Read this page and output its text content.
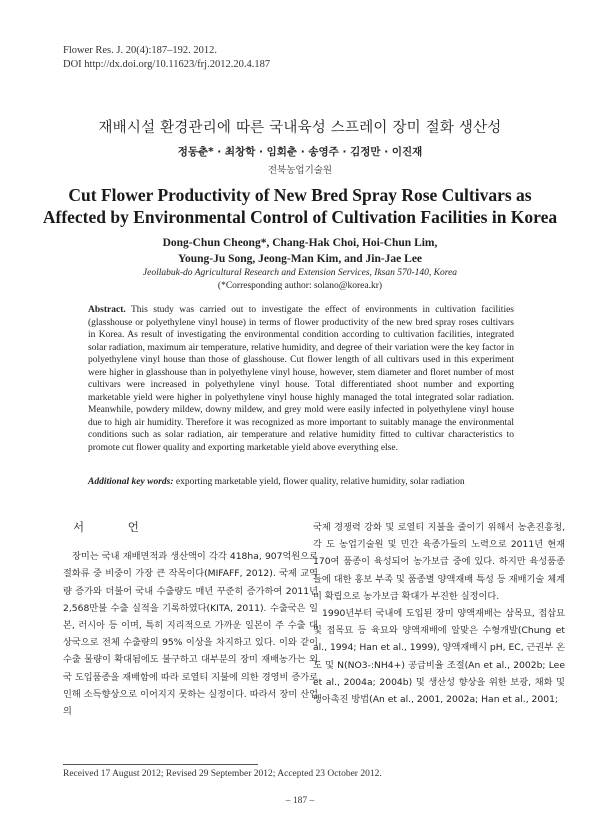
Flower Res. J. 20(4):187–192. 2012.
DOI http://dx.doi.org/10.11623/frj.2012.20.4.187
재배시설 환경관리에 따른 국내육성 스프레이 장미 절화 생산성
정동춘* · 최창학 · 임회춘 · 송영주 · 김정만 · 이진재
전북농업기술원
Cut Flower Productivity of New Bred Spray Rose Cultivars as Affected by Environmental Control of Cultivation Facilities in Korea
Dong-Chun Cheong*, Chang-Hak Choi, Hoi-Chun Lim,
Young-Ju Song, Jeong-Man Kim, and Jin-Jae Lee
Jeollabuk-do Agricultural Research and Extension Services, Iksan 570-140, Korea
(*Corresponding author: solano@korea.kr)
Abstract. This study was carried out to investigate the effect of environments in cultivation facilities (glasshouse or polyethylene vinyl house) in terms of flower productivity of the new bred spray roses cultivars in Korea. As result of investigating the environmental condition according to cultivation facilities, integrated solar radiation, maximum air temperature, relative humidity, and degree of their variation were the key factor in polyethylene vinyl house than those of glasshouse. Cut flower length of all cultivars used in this experiment were higher in glasshouse than in polyethylene vinyl house, however, stem diameter and floret number of most cultivars were increased in polyethylene vinyl house. Total differentiated shoot number and exporting marketable yield were higher in polyethylene vinyl house highly managed the total integrated solar radiation. Meanwhile, powdery mildew, downy mildew, and grey mold were easily infected in polyethylene vinyl house due to high air humidity. Therefore it was recognized as more important to suitably manage the environmental conditions such as solar radiation, air temperature and relative humidity fitted to cultivar characteristics to promote cut flower quality and exporting marketable yield above everything else.
Additional key words: exporting marketable yield, flower quality, relative humidity, solar radiation

서 언

장미는 국내 재배면적과 생산액이 각각 418ha, 907억원으로 절화류 중 비중이 가장 큰 작목이다(MIFAFF, 2012). 국제 교역량 증가와 더불어 국내 수출량도 매년 꾸준히 증가하여 2011년 2,568만불 수출 실적을 기록하였다(KITA, 2011). 수출국은 일본, 러시아 등 이며, 특히 지리적으로 가까운 일본이 주 수출 대상국으로 전체 수출량의 95% 이상을 차지하고 있다. 이와 같이 수출 물량이 확대됨에도 불구하고 대부분의 장미 재배농가는 외국 도입품종을 재배함에 따라 로열티 지불에 의한 경영비 증가로 인해 소득향상으로 이어지지 못하는 실정이다. 따라서 장미 산업의

국제 경쟁력 강화 및 로열티 지불을 줄이기 위해서 농촌진흥청, 각 도 농업기술원 및 민간 육종가들의 노력으로 2011년 현재 170여 품종이 육성되어 농가보급 중에 있다. 하지만 육성품종들에 대한 홍보 부족 및 품종별 양액재배 특성 등 재배기술 체계 미 확립으로 농가보급 확대가 부진한 실정이다.

1990년부터 국내에 도입된 장미 양액재배는 삼목묘, 접삽묘 및 접목묘 등 육묘와 양액재배에 알맞은 수형개발(Chung et al., 1994; Han et al., 1999), 양액재배시 pH, EC, 근권부 온도 및 N(NO3-:NH4+) 공급비율 조절(An et al., 2002b; Lee et al., 2004a; 2004b) 및 생산성 향상을 위한 보광, 채화 및 맹아촉진 방법(An et al., 2001, 2002a; Han et al., 2001;

Received 17 August 2012; Revised 29 September 2012; Accepted 23 October 2012.
– 187 –
